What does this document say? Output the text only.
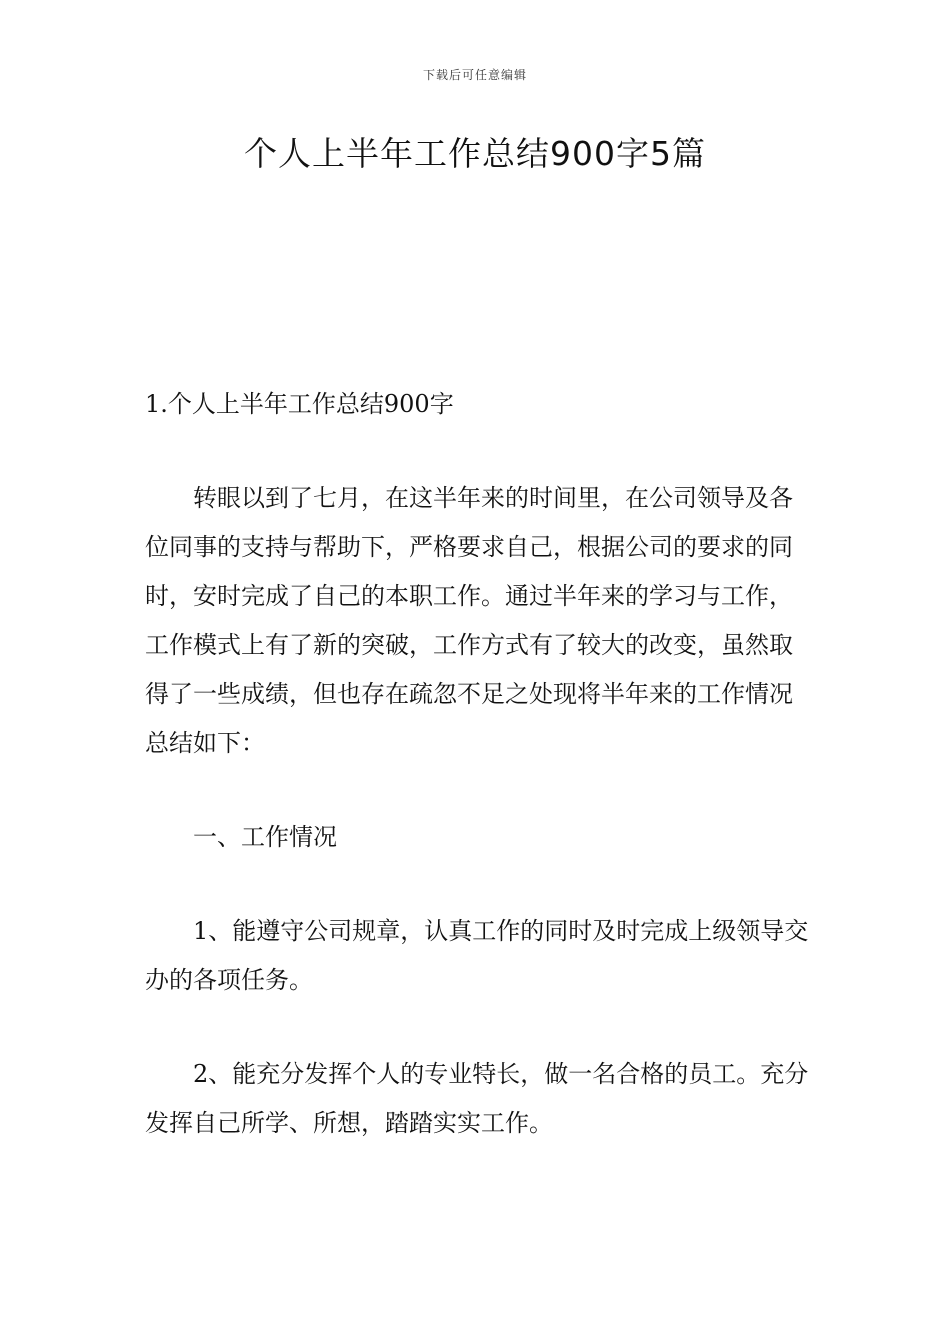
下载后可任意编辑
个人上半年工作总结900字5篇

1.个人上半年工作总结900字

转眼以到了七月，在这半年来的时间里，在公司领导及各位同事的支持与帮助下，严格要求自己，根据公司的要求的同时，安时完成了自己的本职工作。通过半年来的学习与工作，工作模式上有了新的突破，工作方式有了较大的改变，虽然取得了一些成绩，但也存在疏忽不足之处现将半年来的工作情况总结如下：

一、工作情况

1、能遵守公司规章，认真工作的同时及时完成上级领导交办的各项任务。

2、能充分发挥个人的专业特长，做一名合格的员工。充分发挥自己所学、所想，踏踏实实工作。
